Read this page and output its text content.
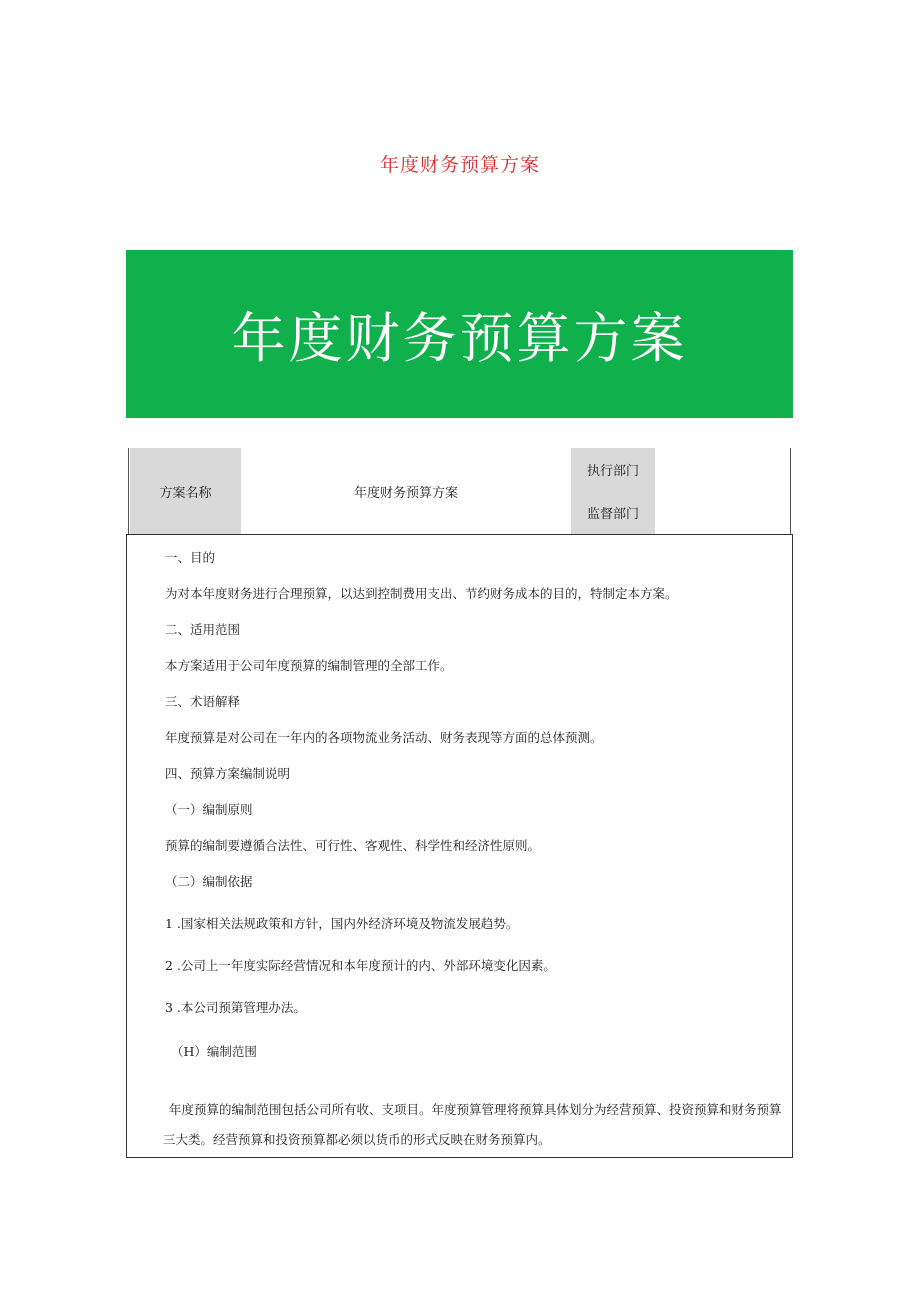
年度财务预算方案
年度财务预算方案
方案名称	年度财务预算方案
执行部门
监督部门
一、目的
为对本年度财务进行合理预算，以达到控制费用支出、节约财务成本的目的，特制定本方案。
二、适用范围
本方案适用于公司年度预算的编制管理的全部工作。
三、术语解释
年度预算是对公司在一年内的各项物流业务活动、财务表现等方面的总体预测。
四、预算方案编制说明
（一）编制原则
预算的编制要遵循合法性、可行性、客观性、科学性和经济性原则。
（二）编制依据
1 .国家相关法规政策和方针，国内外经济环境及物流发展趋势。
2 .公司上一年度实际经营情况和本年度预计的内、外部环境变化因素。
3 .本公司预第管理办法。
（H）编制范围
年度预算的编制范围包括公司所有收、支项目。年度预算管理将预算具体划分为经营预算、投资预算和财务预算三大类。经营预算和投资预算都必须以货币的形式反映在财务预算内。
